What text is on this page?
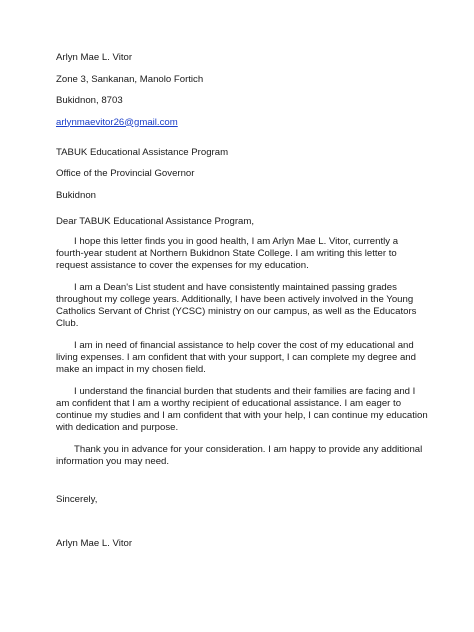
Arlyn Mae L. Vitor
Zone 3, Sankanan, Manolo Fortich
Bukidnon, 8703
arlynmaevitor26@gmail.com
TABUK Educational Assistance Program
Office of the Provincial Governor
Bukidnon
Dear TABUK Educational Assistance Program,

I hope this letter finds you in good health, I am Arlyn Mae L. Vitor, currently a fourth-year student at Northern Bukidnon State College. I am writing this letter to request assistance to cover the expenses for my education.

I am a Dean's List student and have consistently maintained passing grades throughout my college years. Additionally, I have been actively involved in the Young Catholics Servant of Christ (YCSC) ministry on our campus, as well as the Educators Club.

I am in need of financial assistance to help cover the cost of my educational and living expenses. I am confident that with your support, I can complete my degree and make an impact in my chosen field.

I understand the financial burden that students and their families are facing and I am confident that I am a worthy recipient of educational assistance. I am eager to continue my studies and I am confident that with your help, I can continue my education with dedication and purpose.

Thank you in advance for your consideration. I am happy to provide any additional information you may need.

Sincerely,
Arlyn Mae L. Vitor
